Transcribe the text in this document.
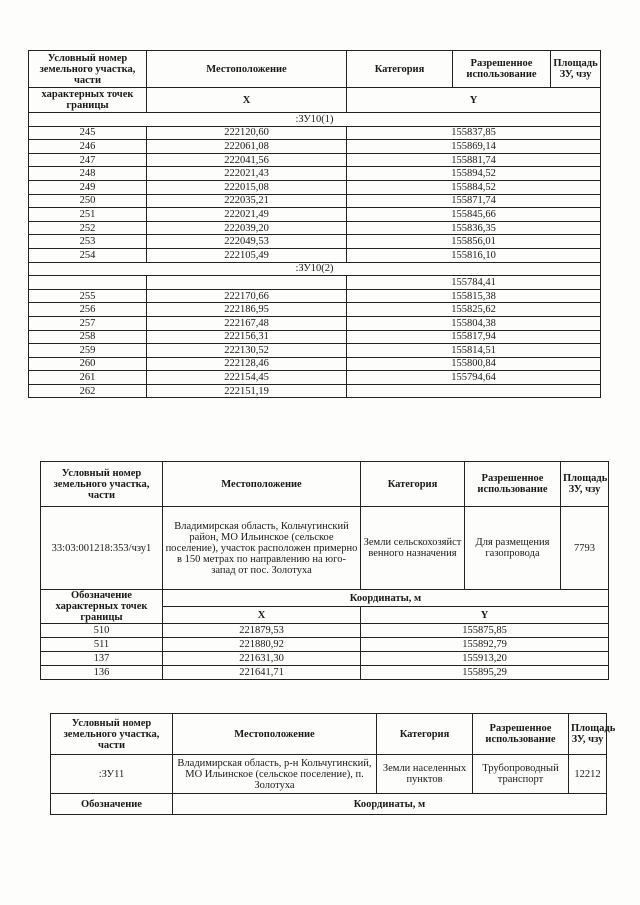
Условный номер земельного участка, части	Местоположение	Категория	Разрешенное использование	Площадь ЗУ, чзу
характерных точек границы	X	Y		
:ЗУ10(1)				
245	222120,60	155837,85		
246	222061,08	155869,14		
247	222041,56	155881,74		
248	222021,43	155894,52		
249	222015,08	155884,52		
250	222035,21	155871,74		
251	222021,49	155845,66		
252	222039,20	155836,35		
253	222049,53	155856,01		
254	222105,49	155816,10		
:ЗУ10(2)				
		155784,41		
255	222170,66	155815,38		
256	222186,95	155825,62		
257	222167,48	155804,38		
258	222156,31	155817,94		
259	222130,52	155814,51		
260	222128,46	155800,84		
261	222154,45	155794,64		
262	222151,19			
Условный номер земельного участка, части	Местоположение	Категория	Разрешенное использование	Площадь ЗУ, чзу
33:03:001218:353/чзу1	Владимирская область, Кольчугинский район, МО Ильинское (сельское поселение), участок расположен примерно в 150 метрах по направлению на юго-запад от пос. Золотуха	Земли сельскохозяйственного назначения	Для размещения газопровода	7793
Обозначение характерных точек границы	Координаты, м			
	X	Y		
510	221879,53	155875,85		
511	221880,92	155892,79		
137	221631,30	155913,20		
136	221641,71	155895,29		
Условный номер земельного участка, части	Местоположение	Категория	Разрешенное использование	Площадь ЗУ, чзу
:ЗУ11	Владимирская область, р-н Кольчугинский, МО Ильинское (сельское поселение), п. Золотуха	Земли населенных пунктов	Трубопроводный транспорт	12212
Обозначение	Координаты, м			
